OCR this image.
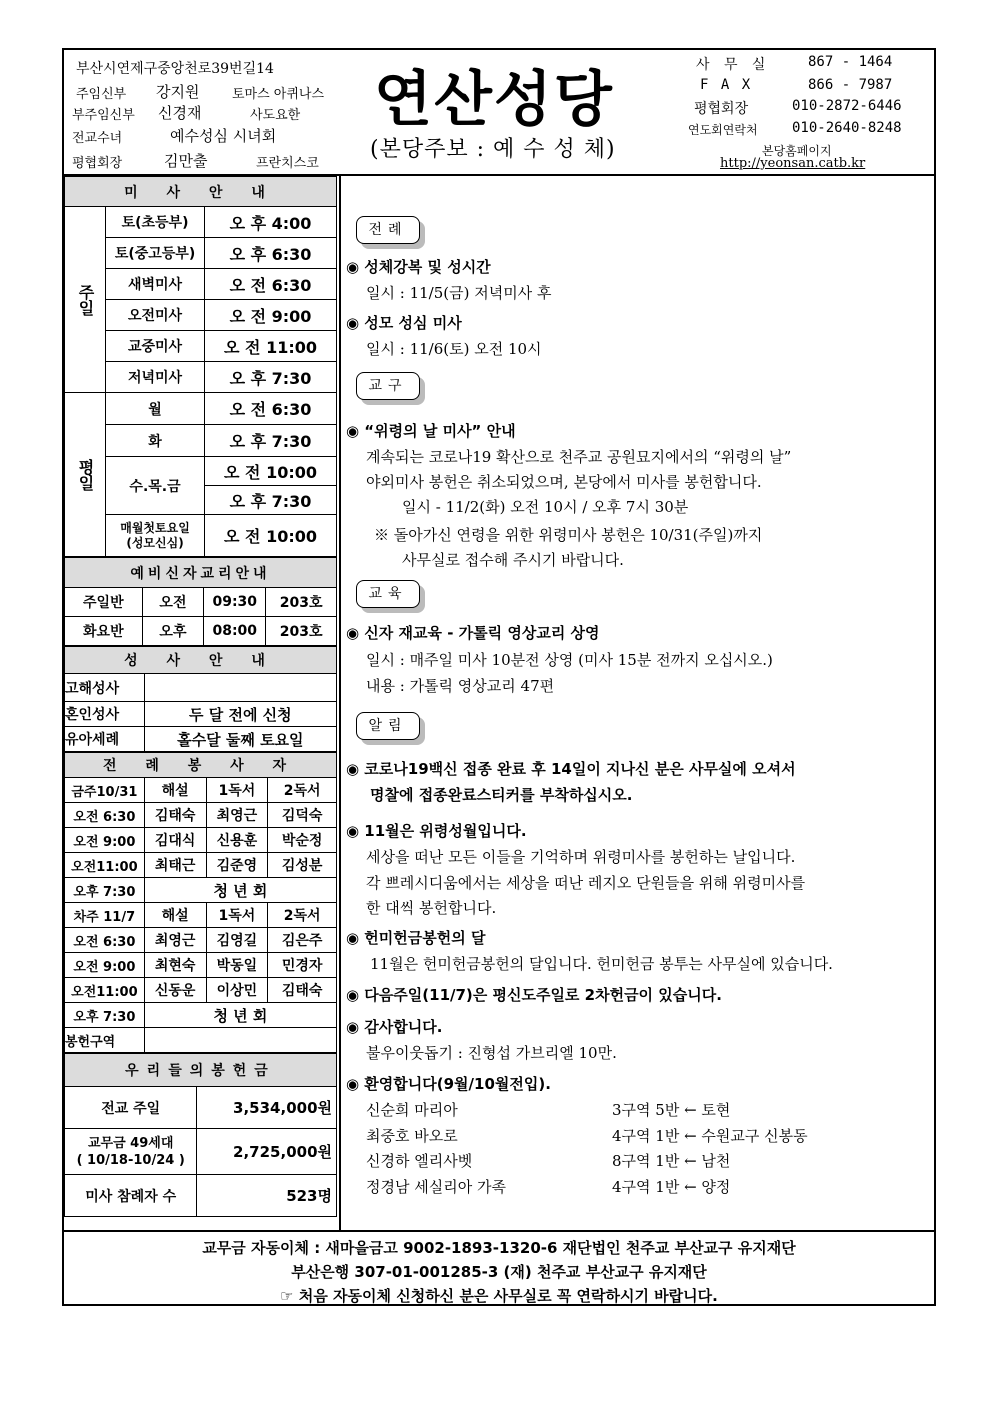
부산시연제구중앙천로39번길14
주임신부 강지원	토마스 아퀴나스
부주임신부 신경재	사도요한
전교수녀	예수성심 시녀회
평협회장	김만출	프란치스코
연산성당
(본당주보 : 예 수 성 체)
사 무 실	867 - 1464
F A X	866 - 7987
평협회장	010-2872-6446
연도회연락처 010-2640-8248
본당홈페이지
http://yeonsan.catb.kr
미 사 안 내		
주일	토(초등부)	오 후 4:00
	토(중고등부)	오 후 6:30
	새벽미사	오 전 6:30
	오전미사	오 전 9:00
	교중미사	오 전 11:00
	저녁미사	오 후 7:30
평일	월	오 전 6:30
	화	오 후 7:30
	수.목.금	오 전 10:00
		오 후 7:30

	매월첫토요일
(성모신심)	오 전 10:00
예비신자교리안내			
주일반	오전	09:30	203호
화요반	오후	08:00	203호
성 사 안 내	
고해성사	
혼인성사	두 달 전에 신청
유아세례	홀수달 둘째 토요일
전 례 봉 사 자			
금주10/31	해설	1독서	2독서
오전 6:30	김태숙	최영근	김덕숙
오전 9:00	김대식	신용훈	박순정
오전11:00	최태근	김준영	김성분
오후 7:30	청 년 회		
차주 11/7	해설	1독서	2독서
오전 6:30	최영근	김영길	김은주
오전 9:00	최현숙	박동일	민경자
오전11:00	신동운	이상민	김태숙
오후 7:30	청 년 회		
봉헌구역			
우리들의봉헌금	
전교 주일	3,534,000원

교무금 49세대
( 10/18-10/24 )	2,725,000원
미사 참례자 수	523명
전례
◉ 성체강복 및 성시간
일시 : 11/5(금) 저녁미사 후
◉ 성모 성심 미사
일시 : 11/6(토) 오전 10시
교구
◉ “위령의 날 미사” 안내
계속되는 코로나19 확산으로 천주교 공원묘지에서의 “위령의 날”
야외미사 봉헌은 취소되었으며, 본당에서 미사를 봉헌합니다.
일시 - 11/2(화) 오전 10시 / 오후 7시 30분
※ 돌아가신 연령을 위한 위령미사 봉헌은 10/31(주일)까지
사무실로 접수해 주시기 바랍니다.
교육
◉ 신자 재교육 - 가톨릭 영상교리 상영
일시 : 매주일 미사 10분전 상영 (미사 15분 전까지 오십시오.)
내용 : 가톨릭 영상교리 47편
알림
◉ 코로나19백신 접종 완료 후 14일이 지나신 분은 사무실에 오셔서
명찰에 접종완료스티커를 부착하십시오.
◉ 11월은 위령성월입니다.
세상을 떠난 모든 이들을 기억하며 위령미사를 봉헌하는 날입니다.
각 쁘레시디움에서는 세상을 떠난 레지오 단원들을 위해 위령미사를
한 대씩 봉헌합니다.
◉ 헌미헌금봉헌의 달
11월은 헌미헌금봉헌의 달입니다. 헌미헌금 봉투는 사무실에 있습니다.
◉ 다음주일(11/7)은 평신도주일로 2차헌금이 있습니다.
◉ 감사합니다.
불우이웃돕기 : 진형섭 가브리엘 10만.
◉ 환영합니다(9월/10월전입).
신순희 마리아	3구역 5반 ← 토현
최중호 바오로	4구역 1반 ← 수원교구 신봉동
신경하 엘리사벳	8구역 1반 ← 남천
정경남 세실리아 가족	4구역 1반 ← 양정
교무금 자동이체 : 새마을금고 9002-1893-1320-6 재단법인 천주교 부산교구 유지재단
부산은행 307-01-001285-3 (재) 천주교 부산교구 유지재단
☞ 처음 자동이체 신청하신 분은 사무실로 꼭 연락하시기 바랍니다.
